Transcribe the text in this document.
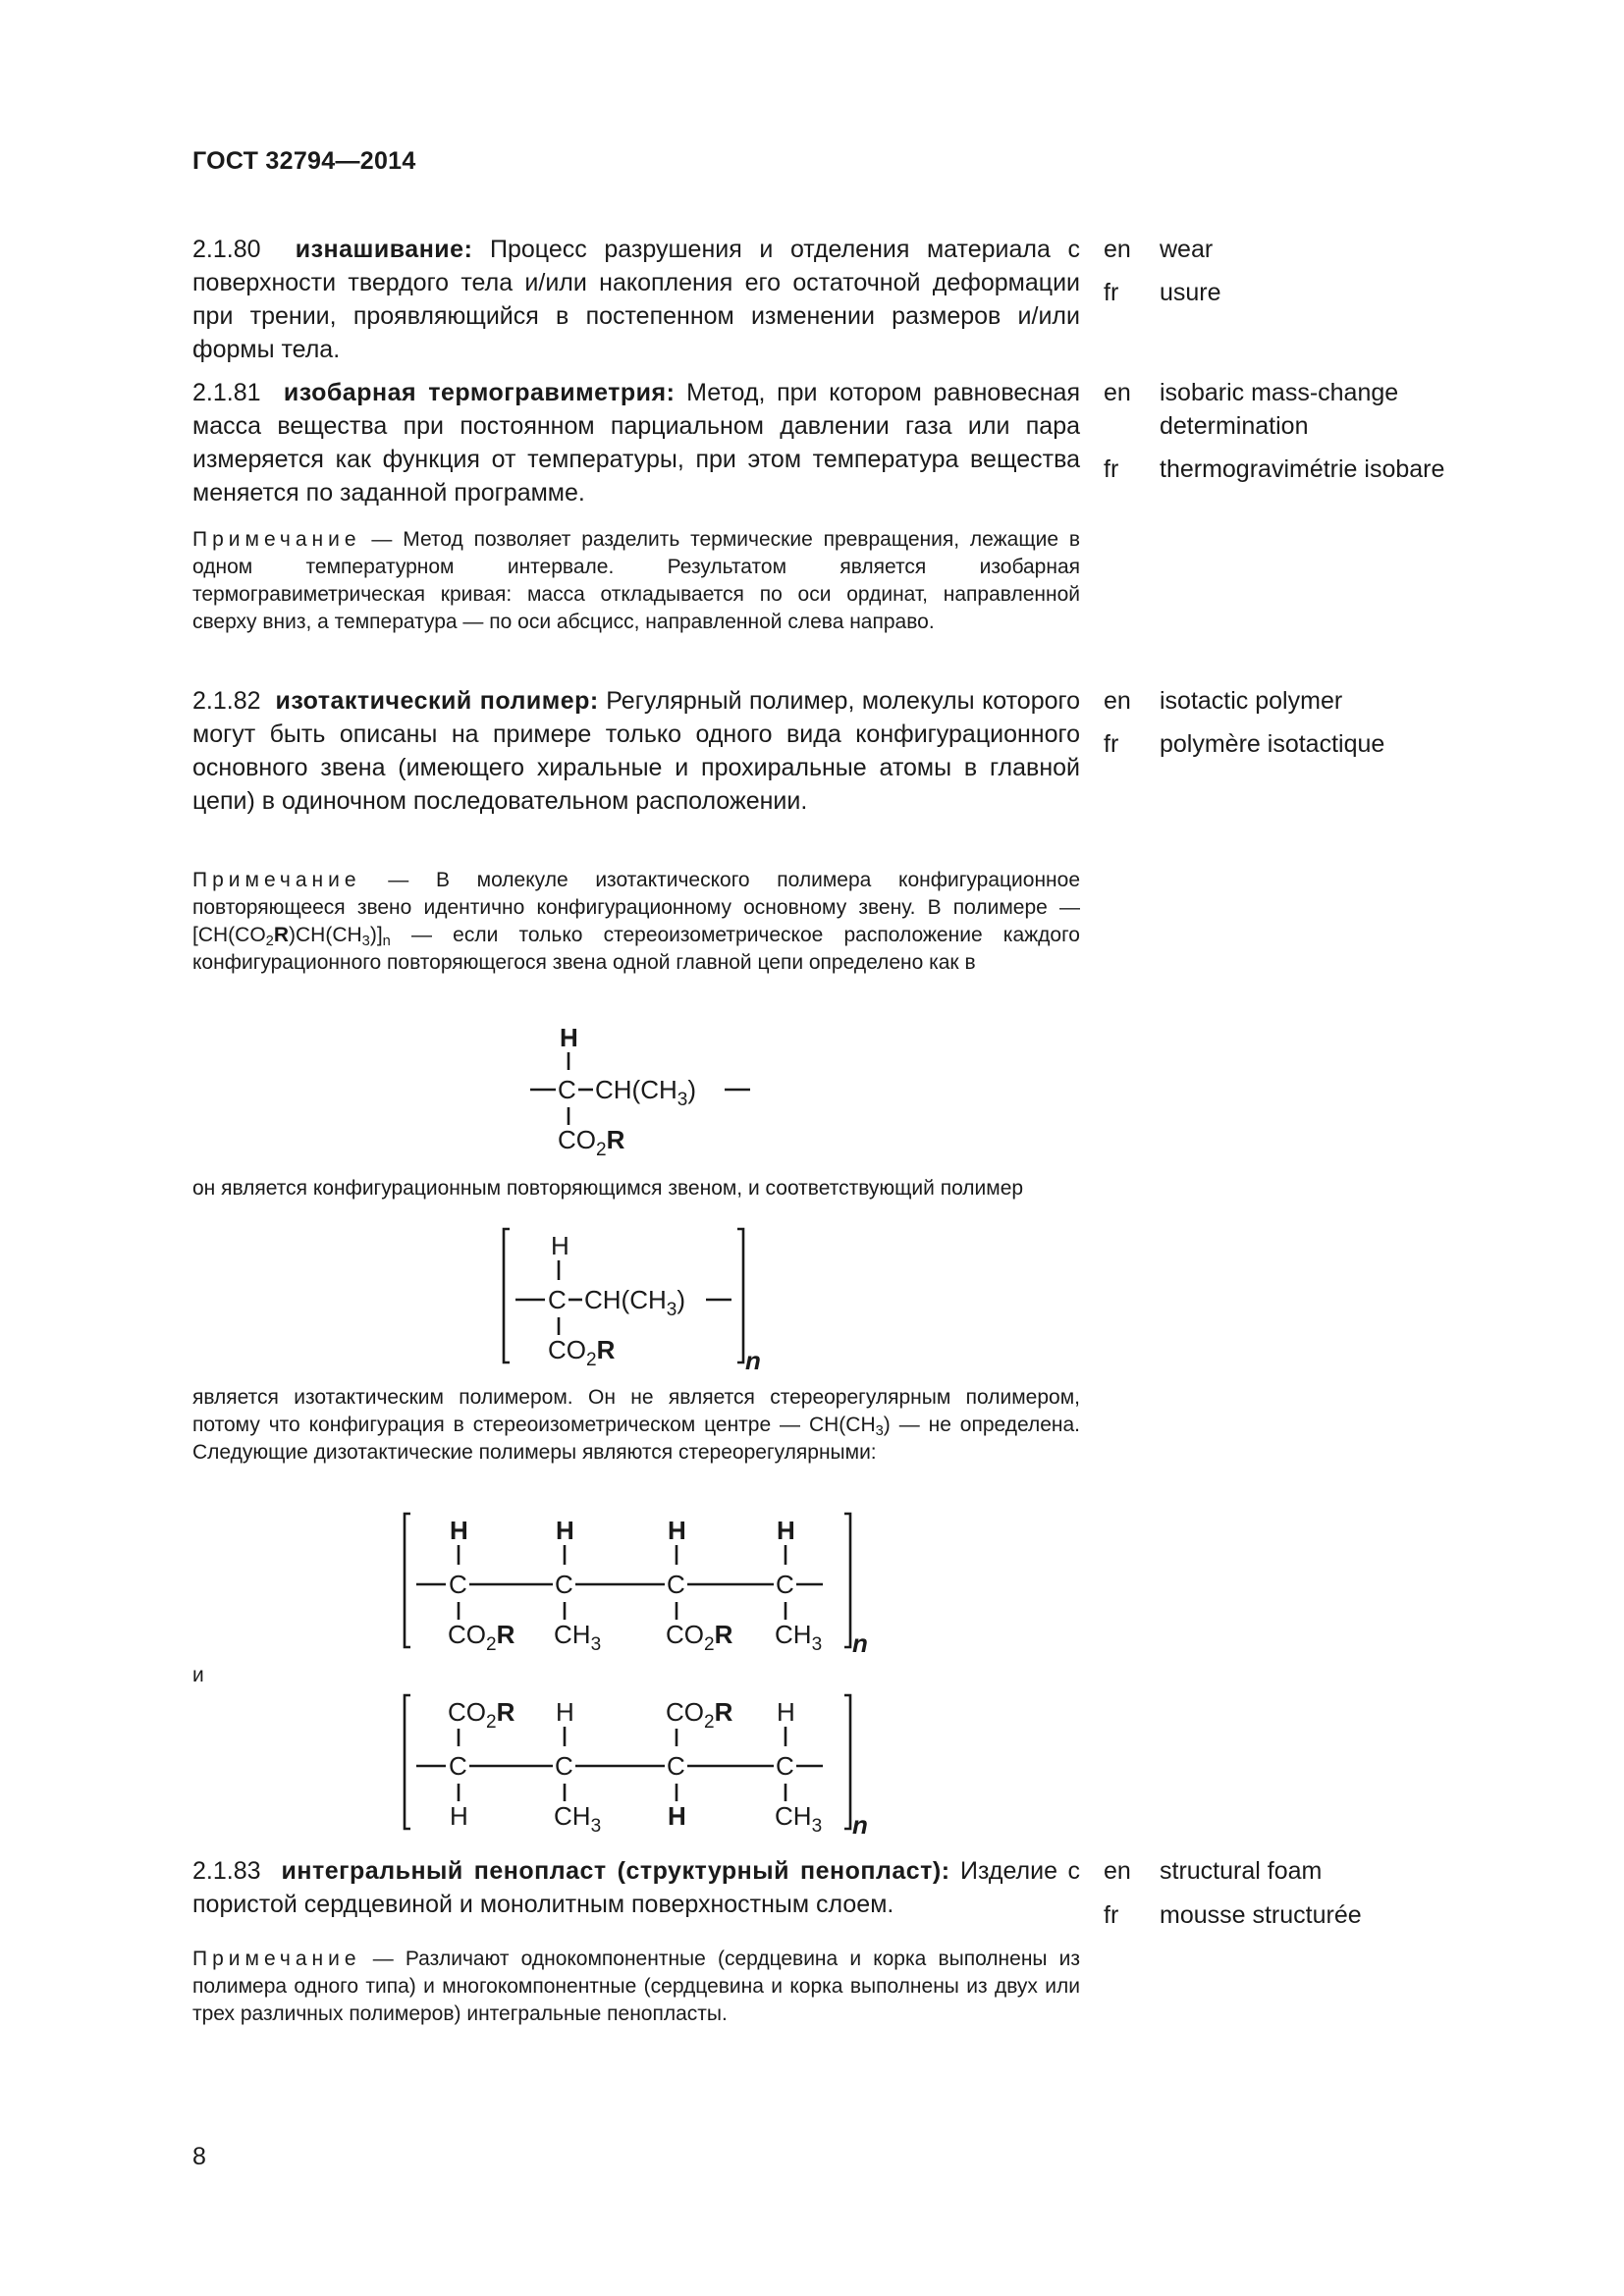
ГОСТ 32794—2014
2.1.80 изнашивание: Процесс разрушения и отделения материала с поверхности твердого тела и/или накопления его остаточной деформации при трении, проявляющийся в постепенном изменении размеров и/или формы тела.
en wear
fr usure
2.1.81 изобарная термогравиметрия: Метод, при котором равновесная масса вещества при постоянном парциальном давлении газа или пара измеряется как функция от температуры, при этом температура вещества меняется по заданной программе.
en isobaric mass-change determination
fr thermogravimétrie isobare
Примечание — Метод позволяет разделить термические превращения, лежащие в одном температурном интервале. Результатом является изобарная термогравиметрическая кривая: масса откладывается по оси ординат, направленной сверху вниз, а температура — по оси абсцисс, направленной слева направо.
2.1.82 изотактический полимер: Регулярный полимер, молекулы которого могут быть описаны на примере только одного вида конфигурационного основного звена (имеющего хиральные и прохиральные атомы в главной цепи) в одиночном последовательном расположении.
en isotactic polymer
fr polymère isotactique
Примечание — В молекуле изотактического полимера конфигурационное повторяющееся звено идентично конфигурационному основному звену. В полимере — $[CH(CO_2R)CH(CH_3)]_n$ — если только стереоизометрическое расположение каждого конфигурационного повторяющегося звена одной главной цепи определено как в
H
C $CH(CH_3)$
$CO_2R$
он является конфигурационным повторяющимся звеном, и соответствующий полимер
H
C $CH(CH_3)$
$CO_2R$	n
является изотактическим полимером. Он не является стереорегулярным полимером, потому что конфигурация в стереоизометрическом центре — $CH(CH_3)$ — не определена. Следующие дизотактические полимеры являются стереорегулярными:
H	H	H	H
C	C	C	C
$CO_2R$ $CH_3$	$CO_2R$ $CH_3$ n
и
$CO_2R$ H	$CO_2R$ H
C	C	C	C
H	$CH_3$	H	$CH_3$ n
2.1.83 интегральный пенопласт (структурный пенопласт): Изделие с пористой сердцевиной и монолитным поверхностным слоем.
en structural foam
fr mousse structurée
Примечание — Различают однокомпонентные (сердцевина и корка выполнены из полимера одного типа) и многокомпонентные (сердцевина и корка выполнены из двух или трех различных полимеров) интегральные пенопласты.
8
